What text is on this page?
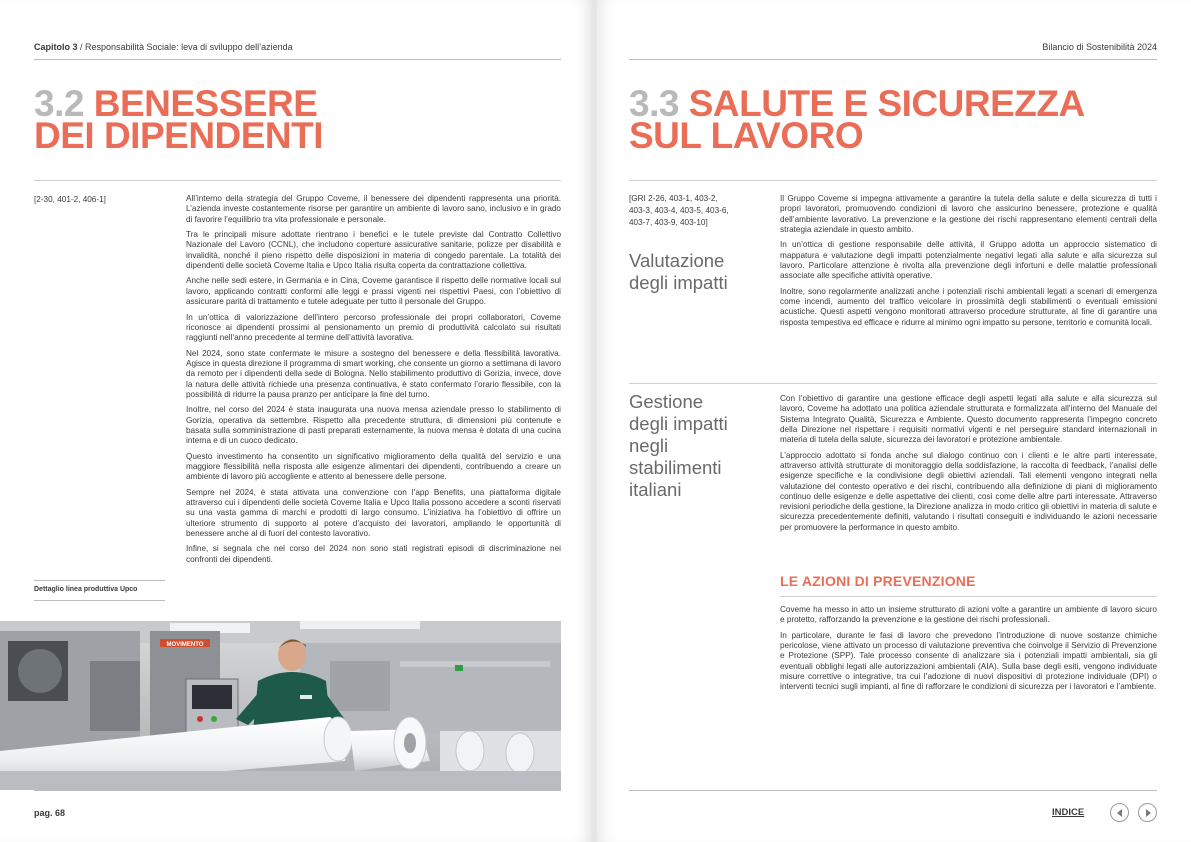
Capitolo 3 / Responsabilità Sociale: leva di sviluppo dell’azienda
3.2 BENESSERE
DEI DIPENDENTI
[2-30, 401-2, 406-1]	All’interno della strategia del Gruppo Coveme, il benessere dei dipendenti rappresenta una priorità. L’azienda investe costantemente risorse per garantire un ambiente di lavoro sano, inclusivo e in grado di favorire l’equilibrio tra vita professionale e personale.

Tra le principali misure adottate rientrano i benefici e le tutele previste dal Contratto Collettivo Nazionale del Lavoro (CCNL), che includono coperture assicurative sanitarie, polizze per disabilità e invalidità, nonché il pieno rispetto delle disposizioni in materia di congedo parentale. La totalità dei dipendenti delle società Coveme Italia e Upco Italia risulta coperta da contrattazione collettiva.

Anche nelle sedi estere, in Germania e in Cina, Coveme garantisce il rispetto delle normative locali sul lavoro, applicando contratti conformi alle leggi e prassi vigenti nei rispettivi Paesi, con l’obiettivo di assicurare parità di trattamento e tutele adeguate per tutto il personale del Gruppo.

In un’ottica di valorizzazione dell’intero percorso professionale dei propri collaboratori, Coveme riconosce ai dipendenti prossimi al pensionamento un premio di produttività calcolato sui risultati raggiunti nell’anno precedente al termine dell’attività lavorativa.

Nel 2024, sono state confermate le misure a sostegno del benessere e della flessibilità lavorativa. Agisce in questa direzione il programma di smart working, che consente un giorno a settimana di lavoro da remoto per i dipendenti della sede di Bologna. Nello stabilimento produttivo di Gorizia, invece, dove la natura delle attività richiede una presenza continuativa, è stato confermato l’orario flessibile, con la possibilità di ridurre la pausa pranzo per anticipare la fine del turno.

Inoltre, nel corso del 2024 è stata inaugurata una nuova mensa aziendale presso lo stabilimento di Gorizia, operativa da settembre. Rispetto alla precedente struttura, di dimensioni più contenute e basata sulla somministrazione di pasti preparati esternamente, la nuova mensa è dotata di una cucina interna e di un cuoco dedicato.

Questo investimento ha consentito un significativo miglioramento della qualità del servizio e una maggiore flessibilità nella risposta alle esigenze alimentari dei dipendenti, contribuendo a creare un ambiente di lavoro più accogliente e attento al benessere delle persone.

Sempre nel 2024, è stata attivata una convenzione con l’app Benefits, una piattaforma digitale attraverso cui i dipendenti delle società Coveme Italia e Upco Italia possono accedere a sconti riservati su una vasta gamma di marchi e prodotti di largo consumo. L’iniziativa ha l’obiettivo di offrire un ulteriore strumento di supporto al potere d’acquisto dei lavoratori, ampliando le opportunità di benessere anche al di fuori del contesto lavorativo.

Infine, si segnala che nel corso del 2024 non sono stati registrati episodi di discriminazione nei confronti dei dipendenti.

Dettaglio linea produttiva Upco
MOVIMENTO
pag. 68
Bilancio di Sostenibilità 2024
3.3 SALUTE E SICUREZZA
SUL LAVORO
[GRI 2-26, 403-1, 403-2,
403-3, 403-4, 403-5, 403-6,
403-7, 403-9, 403-10]
Valutazione
degli impatti

Il Gruppo Coveme si impegna attivamente a garantire la tutela della salute e della sicurezza di tutti i propri lavoratori, promuovendo condizioni di lavoro che assicurino benessere, protezione e qualità dell’ambiente lavorativo. La prevenzione e la gestione dei rischi rappresentano elementi centrali della strategia aziendale in questo ambito.

In un’ottica di gestione responsabile delle attività, il Gruppo adotta un approccio sistematico di mappatura e valutazione degli impatti potenzialmente negativi legati alla salute e alla sicurezza sul lavoro. Particolare attenzione è rivolta alla prevenzione degli infortuni e delle malattie professionali associate alle specifiche attività operative.

Inoltre, sono regolarmente analizzati anche i potenziali rischi ambientali legati a scenari di emergenza come incendi, aumento del traffico veicolare in prossimità degli stabilimenti o eventuali emissioni acustiche. Questi aspetti vengono monitorati attraverso procedure strutturate, al fine di garantire una risposta tempestiva ed efficace e ridurre al minimo ogni impatto su persone, territorio e comunità locali.

Gestione
degli impatti
negli
stabilimenti
italiani

Con l’obiettivo di garantire una gestione efficace degli aspetti legati alla salute e alla sicurezza sul lavoro, Coveme ha adottato una politica aziendale strutturata e formalizzata all’interno del Manuale del Sistema Integrato Qualità, Sicurezza e Ambiente. Questo documento rappresenta l’impegno concreto della Direzione nel rispettare i requisiti normativi vigenti e nel perseguire standard internazionali in materia di tutela della salute, sicurezza dei lavoratori e protezione ambientale.

L’approccio adottato si fonda anche sul dialogo continuo con i clienti e le altre parti interessate, attraverso attività strutturate di monitoraggio della soddisfazione, la raccolta di feedback, l’analisi delle esigenze specifiche e la condivisione degli obiettivi aziendali. Tali elementi vengono integrati nella valutazione del contesto operativo e dei rischi, contribuendo alla definizione di piani di miglioramento continuo delle esigenze e delle aspettative dei clienti, così come delle altre parti interessate. Attraverso revisioni periodiche della gestione, la Direzione analizza in modo critico gli obiettivi in materia di salute e sicurezza precedentemente definiti, valutando i risultati conseguiti e individuando le azioni necessarie per promuovere la performance in questo ambito.

LE AZIONI DI PREVENZIONE

Coveme ha messo in atto un insieme strutturato di azioni volte a garantire un ambiente di lavoro sicuro e protetto, rafforzando la prevenzione e la gestione dei rischi professionali.

In particolare, durante le fasi di lavoro che prevedono l’introduzione di nuove sostanze chimiche pericolose, viene attivato un processo di valutazione preventiva che coinvolge il Servizio di Prevenzione e Protezione (SPP). Tale processo consente di analizzare sia i potenziali impatti ambientali, sia gli eventuali obblighi legati alle autorizzazioni ambientali (AIA). Sulla base degli esiti, vengono individuate misure correttive o integrative, tra cui l’adozione di nuovi dispositivi di protezione individuale (DPI) o interventi tecnici sugli impianti, al fine di rafforzare le condizioni di sicurezza per i lavoratori e l’ambiente.

INDICE
